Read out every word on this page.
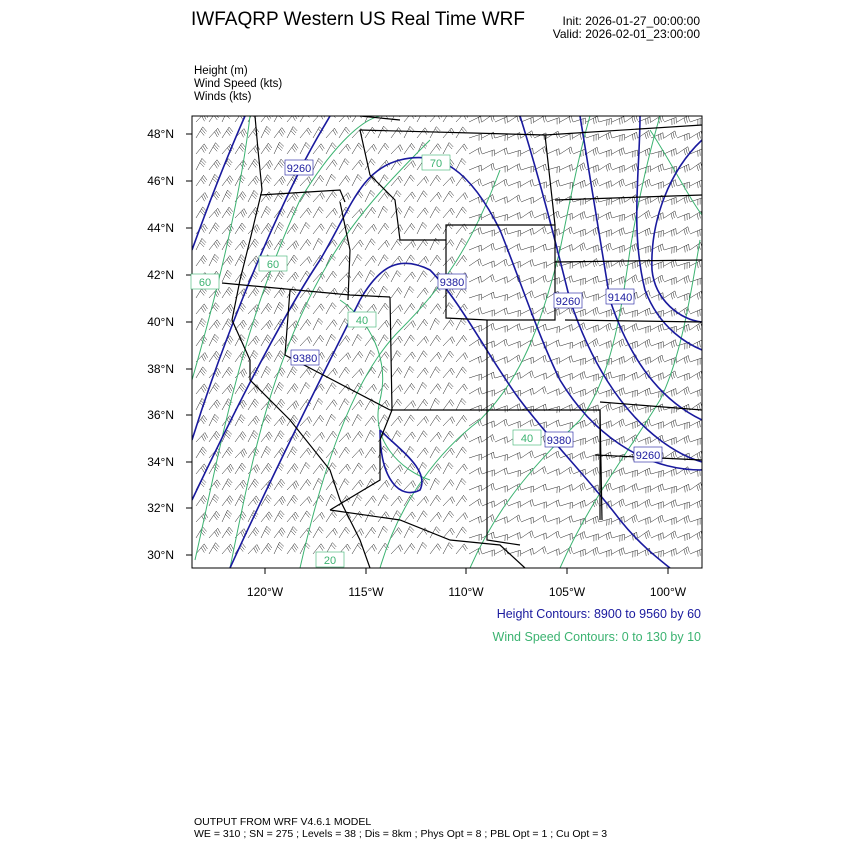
IWFAQRP Western US Real Time WRF	Init: 2026-01-27_00:00:00
Valid: 2026-02-01_23:00:00
Height (m)
Wind Speed (kts)
Winds (kts)
9260
9380
9260	9140
9380
9380
9260
60
60
40
70
40
20
48°N
46°N
44°N
42°N
40°N
38°N
36°N
34°N
32°N
30°N
120°W	115°W	110°W	105°W	100°W
Height Contours: 8900 to 9560 by 60
Wind Speed Contours: 0 to 130 by 10
OUTPUT FROM WRF V4.6.1 MODEL
WE = 310 ; SN = 275 ; Levels = 38 ; Dis = 8km ; Phys Opt = 8 ; PBL Opt = 1 ; Cu Opt = 3
